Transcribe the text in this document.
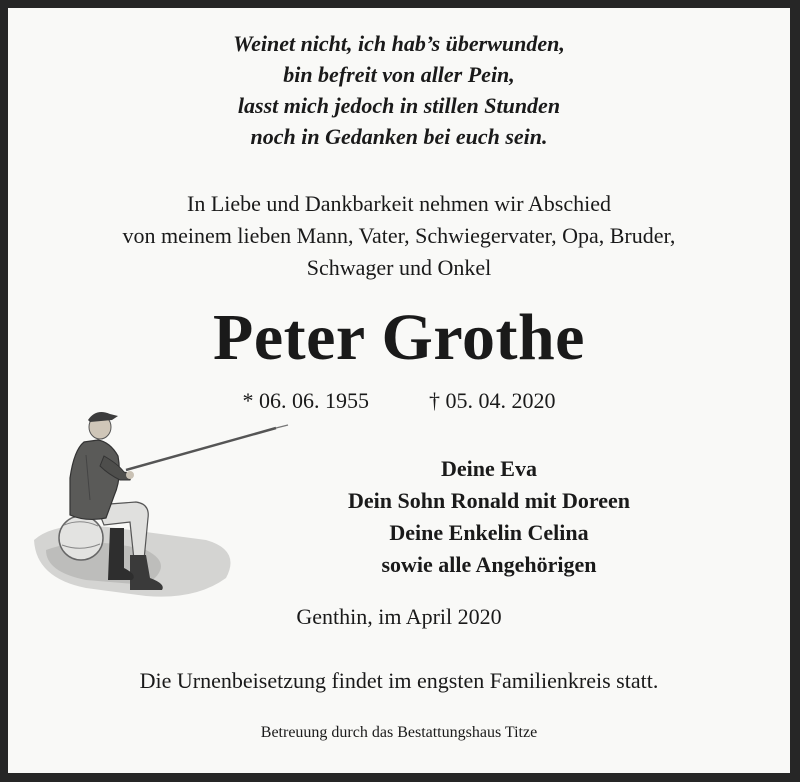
Weinet nicht, ich hab’s überwunden,
bin befreit von aller Pein,
lasst mich jedoch in stillen Stunden
noch in Gedanken bei euch sein.
In Liebe und Dankbarkeit nehmen wir Abschied
von meinem lieben Mann, Vater, Schwiegervater, Opa, Bruder,
Schwager und Onkel
Peter Grothe
* 06. 06. 1955	† 05. 04. 2020
Deine Eva
Dein Sohn Ronald mit Doreen
Deine Enkelin Celina
sowie alle Angehörigen
Genthin, im April 2020
Die Urnenbeisetzung findet im engsten Familienkreis statt.
Betreuung durch das Bestattungshaus Titze
